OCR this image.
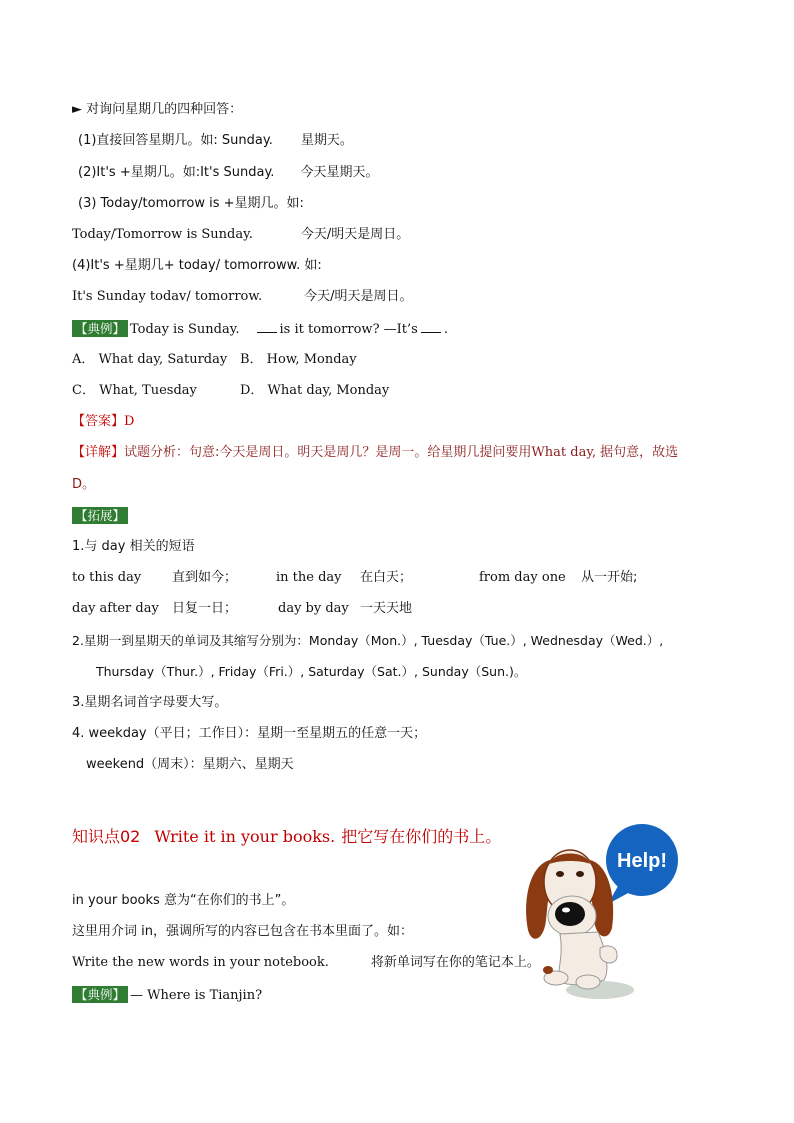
► 对询问星期几的四种回答：
(1)直接回答星期几。如: Sunday. 星期天。
(2)It's +星期几。如:It's Sunday. 今天星期天。
(3) Today/tomorrow is +星期几。如:
Today/Tomorrow is Sunday.	今天/明天是周日。
(4)It's +星期几+ today/ tomorroww. 如:
It's Sunday todav/ tomorrow.	今天/明天是周日。
【典例】 Today is Sunday.	is it tomorrow? —It’s .
A． What day, Saturday B． How, Monday
C． What, Tuesday	D． What day, Monday
【答案】D
【详解】试题分析：句意:今天是周日。明天是周几？是周一。给星期几提问要用What day, 据句意，故选
D。
【拓展】
1.与 day 相关的短语
to this day 直到如今；	in the day 在白天；	from day one 从一开始;
day after day 日复一日；	day by day 一天天地
2.星期一到星期天的单词及其缩写分别为：Monday（Mon.）, Tuesday（Tue.）, Wednesday（Wed.）,
Thursday（Thur.）, Friday（Fri.）, Saturday（Sat.）, Sunday（Sun.)。
3.星期名词首字母要大写。
4. weekday（平日；工作日）：星期一至星期五的任意一天；
weekend（周末）：星期六、星期天
知识点02 Write it in your books. 把它写在你们的书上。
in your books 意为“在你们的书上”。
这里用介词 in，强调所写的内容已包含在书本里面了。如：
Write the new words in your notebook.	将新单词写在你的笔记本上。
【典例】 — Where is Tianjin?
Help!
